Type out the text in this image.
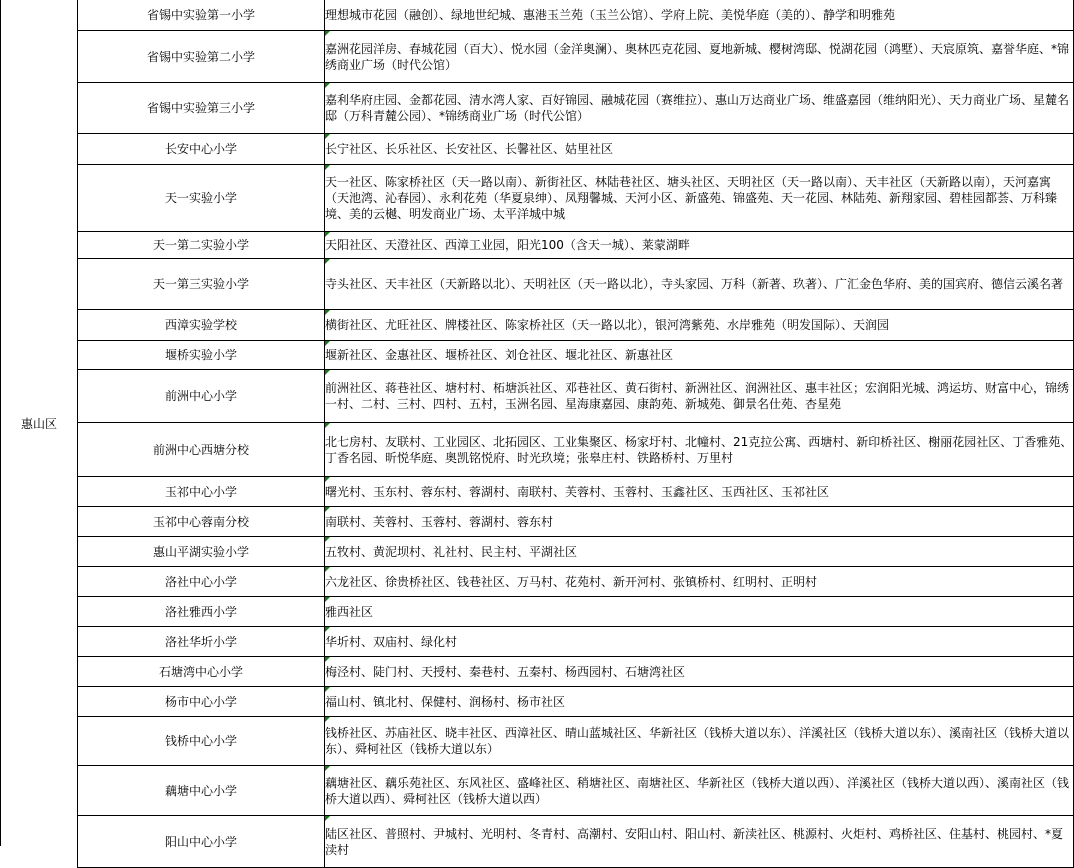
惠山区
省锡中实验第一小学	理想城市花园（融创）、绿地世纪城、惠港玉兰苑（玉兰公馆）、学府上院、美悦华庭（美的）、静学和明雅苑
省锡中实验第二小学	嘉洲花园洋房、春城花园（百大）、悦水园（金洋奥澜）、奥林匹克花园、夏地新城、樱树湾邸、悦湖花园（鸿墅）、天宸原筑、嘉誉华庭、*锦绣商业广场（时代公馆）
省锡中实验第三小学	嘉利华府庄园、金都花园、清水湾人家、百好锦园、融城花园（赛维拉）、惠山万达商业广场、维盛嘉园（维纳阳光）、天力商业广场、星麓名邸（万科青麓公园）、*锦绣商业广场（时代公馆）
长安中心小学	长宁社区、长乐社区、长安社区、长馨社区、姑里社区
天一实验小学	天一社区、陈家桥社区（天一路以南）、新街社区、林陆巷社区、塘头社区、天明社区（天一路以南）、天丰社区（天新路以南），天河嘉寓（天池湾、沁春园）、永利花苑（华夏泉绅）、凤翔馨城、天河小区、新盛苑、锦盛苑、天一花园、林陆苑、新翔家园、碧桂园都荟、万科臻境、美的云樾、明发商业广场、太平洋城中城
天一第二实验小学	天阳社区、天澄社区、西漳工业园，阳光100（含天一城）、莱蒙湖畔
天一第三实验小学	寺头社区、天丰社区（天新路以北）、天明社区（天一路以北），寺头家园、万科（新著、玖著）、广汇金色华府、美的国宾府、德信云溪名著
西漳实验学校	横街社区、尤旺社区、牌楼社区、陈家桥社区（天一路以北），银河湾紫苑、水岸雅苑（明发国际）、天润园
堰桥实验小学	堰新社区、金惠社区、堰桥社区、刘仓社区、堰北社区、新惠社区
前洲中心小学	前洲社区、蒋巷社区、塘村村、柘塘浜社区、邓巷社区、黄石街村、新洲社区、润洲社区、惠丰社区；宏润阳光城、鸿运坊、财富中心，锦绣一村、二村、三村、四村、五村，玉洲名园、星海康嘉园、康韵苑、新城苑、御景名仕苑、杏星苑
前洲中心西塘分校	北七房村、友联村、工业园区、北拓园区、工业集聚区、杨家圩村、北幢村、21克拉公寓、西塘村、新印桥社区、榭丽花园社区、丁香雅苑、丁香名园、昕悦华庭、奥凯铭悦府、时光玖境；张皋庄村、铁路桥村、万里村
玉祁中心小学	曙光村、玉东村、蓉东村、蓉湖村、南联村、芙蓉村、玉蓉村、玉鑫社区、玉西社区、玉祁社区
玉祁中心蓉南分校	南联村、芙蓉村、玉蓉村、蓉湖村、蓉东村
惠山平湖实验小学	五牧村、黄泥坝村、礼社村、民主村、平湖社区
洛社中心小学	六龙社区、徐贵桥社区、钱巷社区、万马村、花苑村、新开河村、张镇桥村、红明村、正明村
洛社雅西小学	雅西社区
洛社华圻小学	华圻村、双庙村、绿化村
石塘湾中心小学	梅泾村、陡门村、天授村、秦巷村、五秦村、杨西园村、石塘湾社区
杨市中心小学	福山村、镇北村、保健村、润杨村、杨市社区
钱桥中心小学	钱桥社区、苏庙社区、晓丰社区、西漳社区、晴山蓝城社区、华新社区（钱桥大道以东）、洋溪社区（钱桥大道以东）、溪南社区（钱桥大道以东）、舜柯社区（钱桥大道以东）
藕塘中心小学	藕塘社区、藕乐苑社区、东风社区、盛峰社区、稍塘社区、南塘社区、华新社区（钱桥大道以西）、洋溪社区（钱桥大道以西）、溪南社区（钱桥大道以西）、舜柯社区（钱桥大道以西）
阳山中心小学	陆区社区、普照村、尹城村、光明村、冬青村、高潮村、安阳山村、阳山村、新渎社区、桃源村、火炬村、鸡桥社区、住基村、桃园村、*夏渎村
